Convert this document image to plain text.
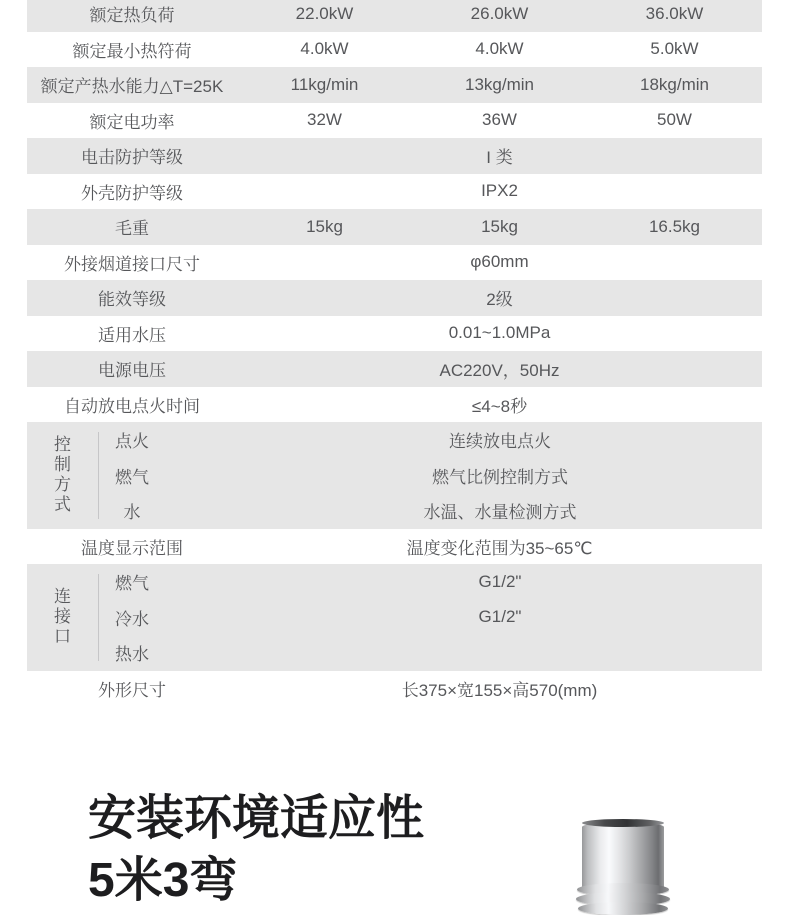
额定热负荷	22.0kW	26.0kW	36.0kW
额定最小热符荷	4.0kW	4.0kW	5.0kW
额定产热水能力△T=25K	11kg/min	13kg/min	18kg/min
额定电功率	32W	36W	50W
电击防护等级	I 类
外壳防护等级	IPX2
毛重	15kg	15kg	16.5kg
外接烟道接口尺寸	φ60mm
能效等级	2级
适用水压	0.01~1.0MPa
电源电压	AC220V，50Hz
自动放电点火时间	≤4~8秒
控
制
方
式
点火	连续放电点火
燃气	燃气比例控制方式
水	水温、水量检测方式
温度显示范围	温度变化范围为35~65℃
连
接
口
燃气	G1/2"
冷水	G1/2"
热水
外形尺寸	长375×宽155×高570(mm)
安装环境适应性
5米3弯
